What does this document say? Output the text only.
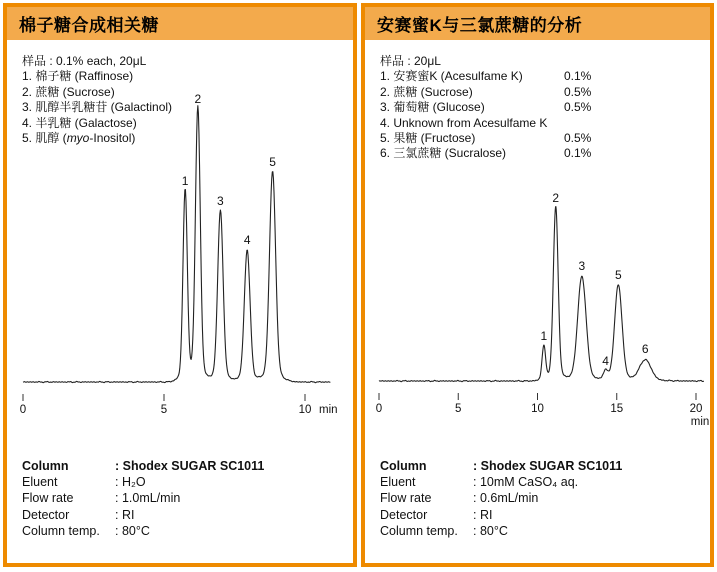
棉子糖合成相关糖
0	5	10 min
1
2
3
4
5
样品 : 0.1% each, 20μL
1. 棉子糖 (Raffinose)
2. 蔗糖 (Sucrose)
3. 肌醇半乳糖苷 (Galactinol)
4. 半乳糖 (Galactose)
5. 肌醇 (myo-Inositol)
Column	: Shodex SUGAR SC1011
Eluent	: H₂O
Flow rate	: 1.0mL/min
Detector	: RI
Column temp.	: 80°C
安赛蜜K与三氯蔗糖的分析
0	5	10	15	20
min
1
2
3
4
5
6
样品 : 20μL
1. 安赛蜜K (Acesulfame K)	0.1%
2. 蔗糖 (Sucrose)	0.5%
3. 葡萄糖 (Glucose)	0.5%
4. Unknown from Acesulfame K
5. 果糖 (Fructose)	0.5%
6. 三氯蔗糖 (Sucralose)	0.1%
Column	: Shodex SUGAR SC1011
Eluent	: 10mM CaSO₄ aq.
Flow rate	: 0.6mL/min
Detector	: RI
Column temp.	: 80°C
